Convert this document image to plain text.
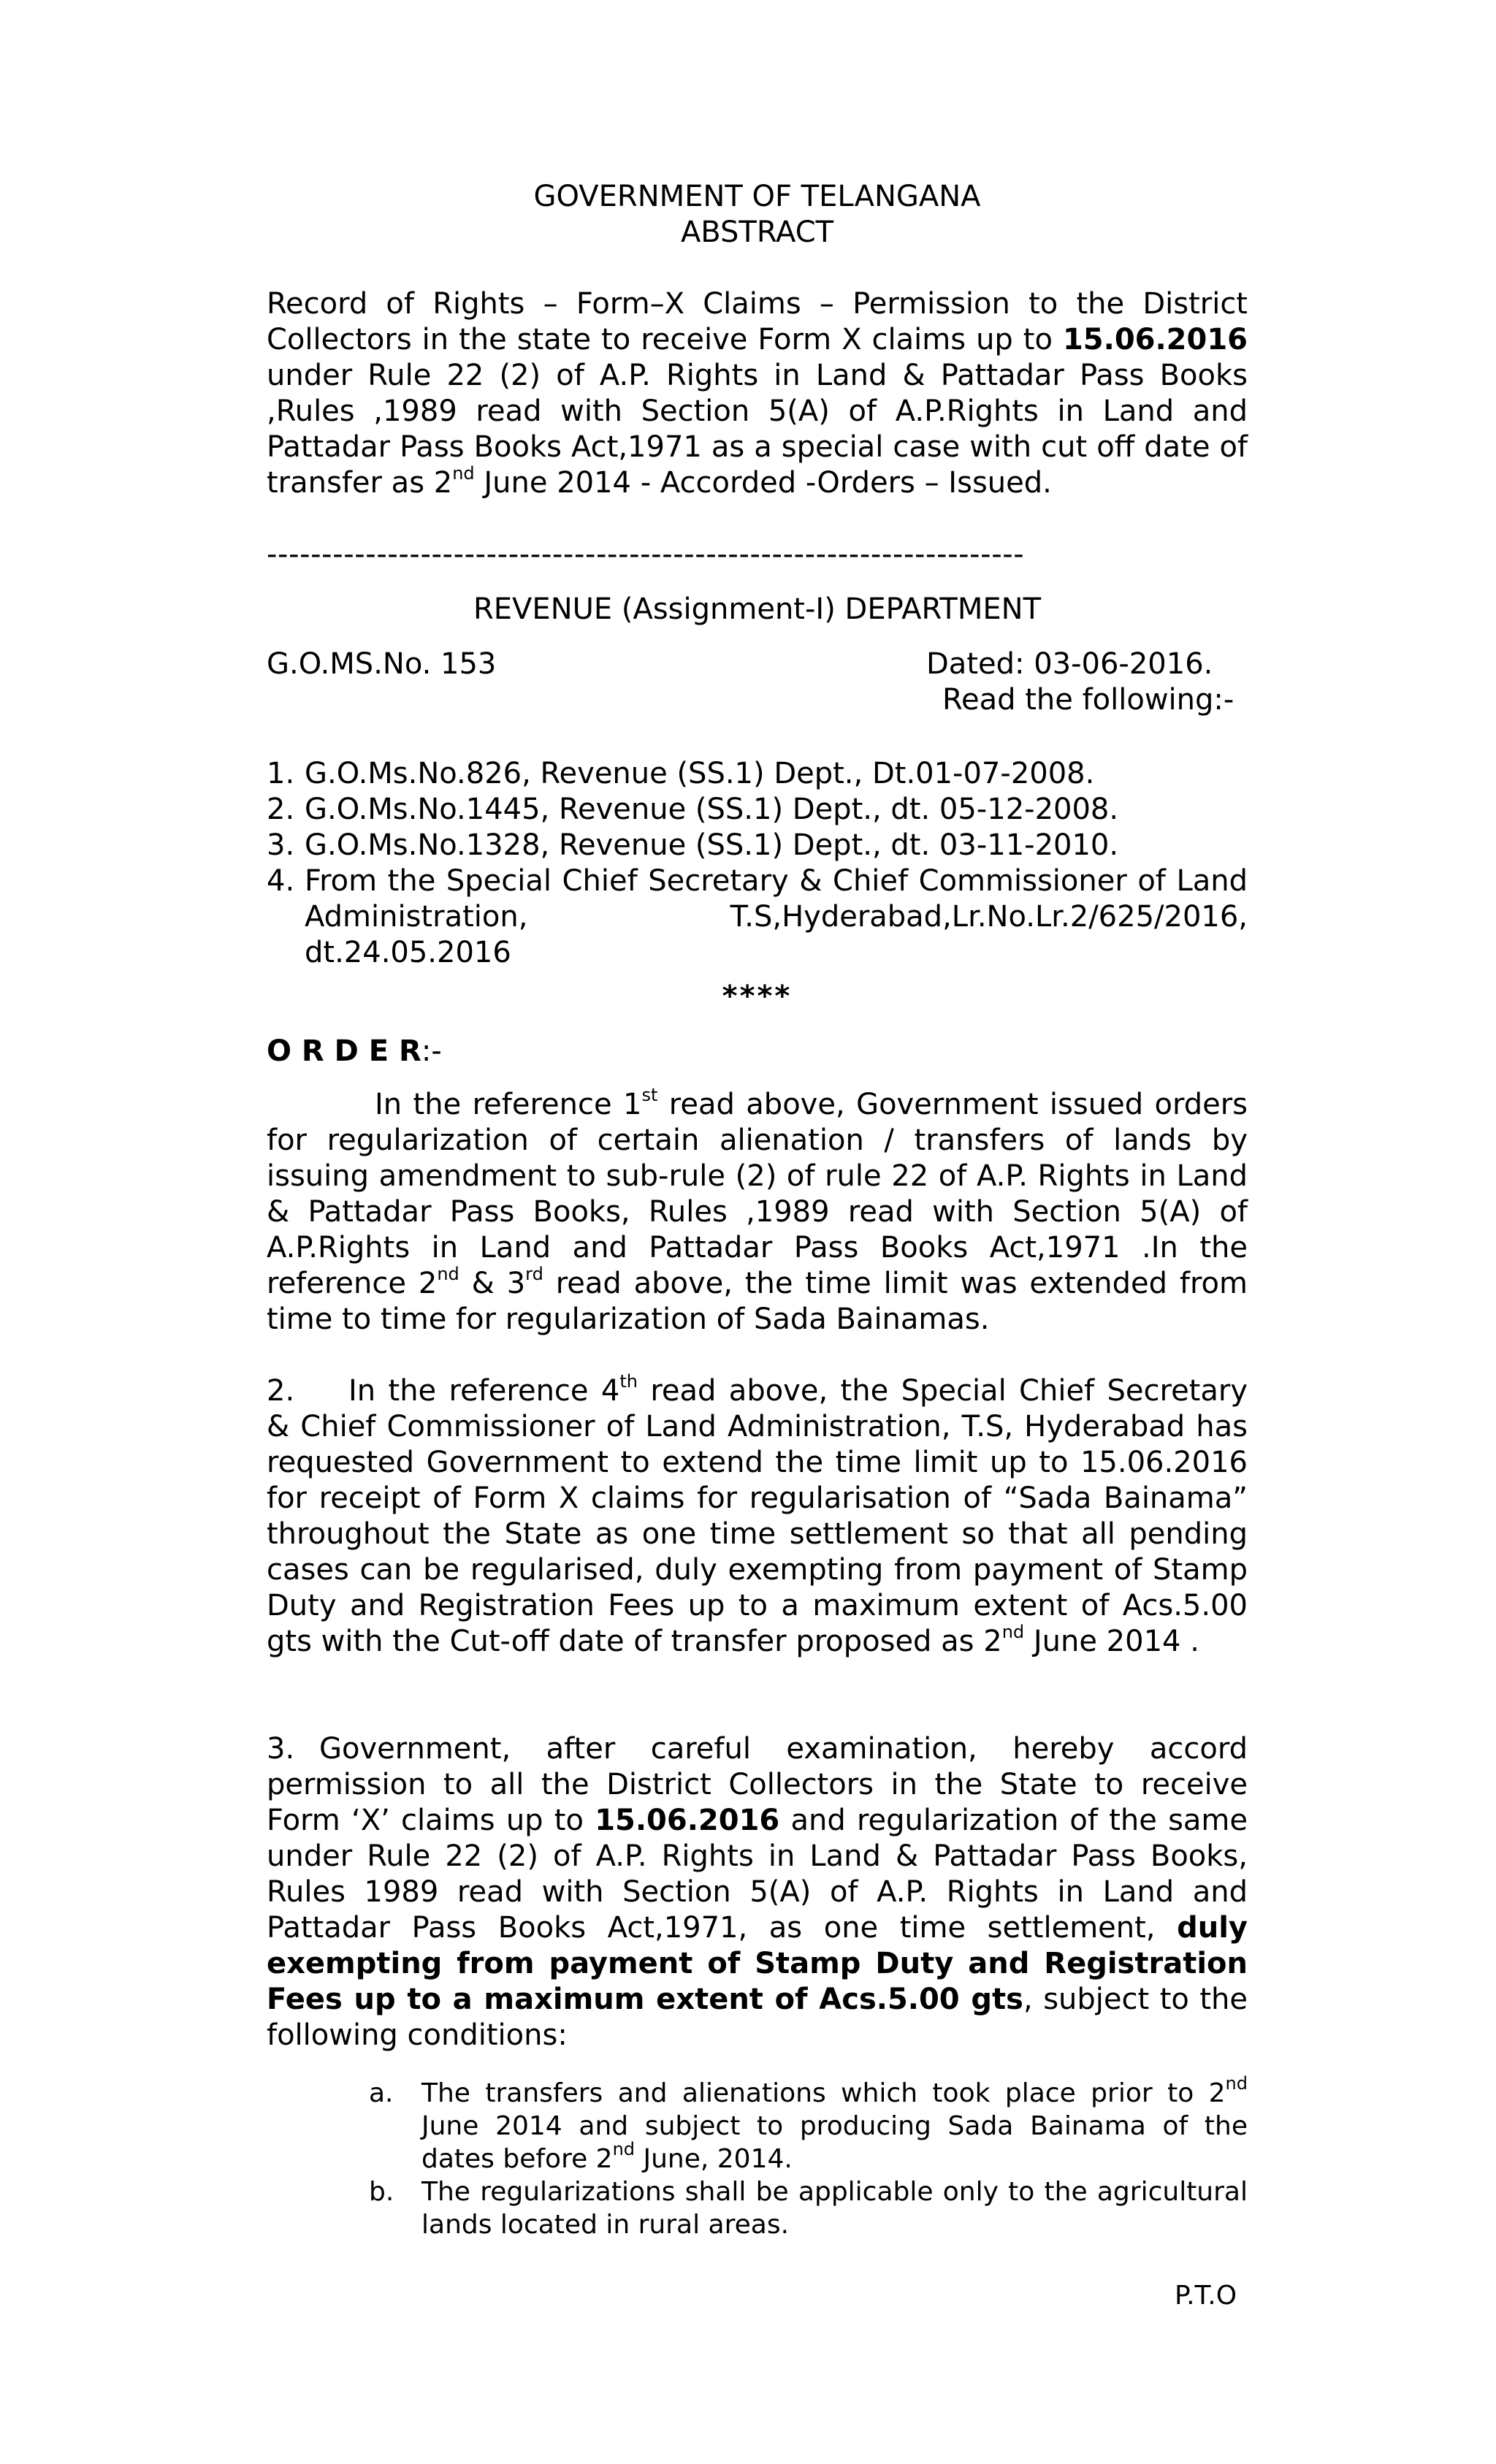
GOVERNMENT OF TELANGANA
ABSTRACT
Record of Rights – Form–X Claims – Permission to the District Collectors in the state to receive Form X claims up to 15.06.2016 under Rule 22 (2) of A.P. Rights in Land & Pattadar Pass Books ,Rules ,1989 read with Section 5(A) of A.P.Rights in Land and Pattadar Pass Books Act,1971 as a special case with cut off date of transfer as 2nd June 2014 - Accorded -Orders – Issued.
---------------------------------------------------------------------
REVENUE (Assignment-I) DEPARTMENT
G.O.MS.No. 153	Dated: 03-06-2016.
Read the following:-
1. G.O.Ms.No.826, Revenue (SS.1) Dept., Dt.01-07-2008.
2. G.O.Ms.No.1445, Revenue (SS.1) Dept., dt. 05-12-2008.
3. G.O.Ms.No.1328, Revenue (SS.1) Dept., dt. 03-11-2010.
4. From the Special Chief Secretary & Chief Commissioner of Land Administration, T.S,Hyderabad,Lr.No.Lr.2/625/2016, dt.24.05.2016
****
O R D E R:-
In the reference 1st read above, Government issued orders for regularization of certain alienation / transfers of lands by issuing amendment to sub-rule (2) of rule 22 of A.P. Rights in Land & Pattadar Pass Books, Rules ,1989 read with Section 5(A) of A.P.Rights in Land and Pattadar Pass Books Act,1971 .In the reference 2nd & 3rd read above, the time limit was extended from time to time for regularization of Sada Bainamas.
2. In the reference 4th read above, the Special Chief Secretary & Chief Commissioner of Land Administration, T.S, Hyderabad has requested Government to extend the time limit up to 15.06.2016 for receipt of Form X claims for regularisation of “Sada Bainama” throughout the State as one time settlement so that all pending cases can be regularised, duly exempting from payment of Stamp Duty and Registration Fees up to a maximum extent of Acs.5.00 gts with the Cut-off date of transfer proposed as 2nd June 2014 .
3. Government, after careful examination, hereby accord permission to all the District Collectors in the State to receive Form ‘X’ claims up to 15.06.2016 and regularization of the same under Rule 22 (2) of A.P. Rights in Land & Pattadar Pass Books, Rules 1989 read with Section 5(A) of A.P. Rights in Land and Pattadar Pass Books Act,1971, as one time settlement, duly exempting from payment of Stamp Duty and Registration Fees up to a maximum extent of Acs.5.00 gts, subject to the following conditions:
a.	The transfers and alienations which took place prior to 2nd June 2014 and subject to producing Sada Bainama of the dates before 2nd June, 2014.
b.	The regularizations shall be applicable only to the agricultural lands located in rural areas.
P.T.O
